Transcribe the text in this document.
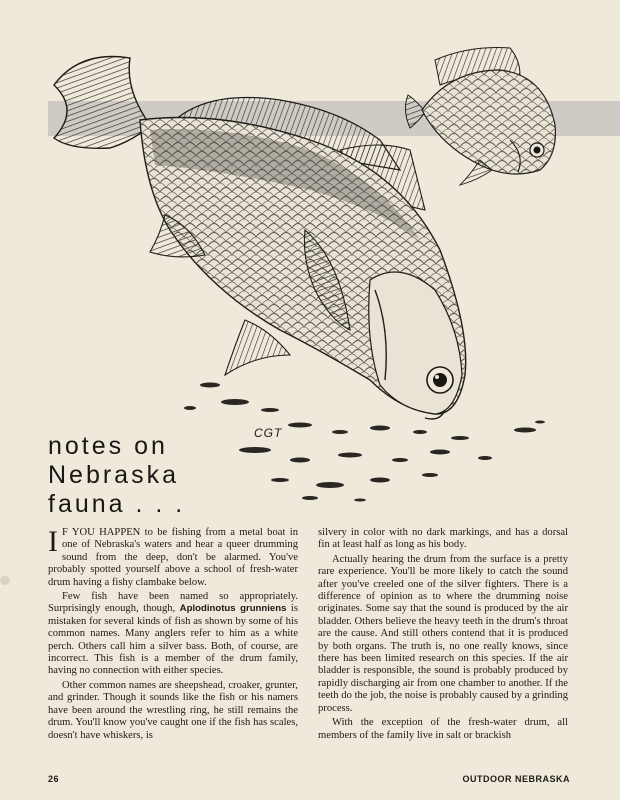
CGT
notes on
Nebraska
fauna . . .

I F YOU HAPPEN to be fishing from a metal boat in one of Nebraska's waters and hear a queer drumming sound from the deep, don't be alarmed. You've probably spotted yourself above a school of fresh-water drum having a fishy clambake below.

Few fish have been named so appropriately. Surprisingly enough, though, Aplodinotus grunniens is mistaken for several kinds of fish as shown by some of his common names. Many anglers refer to him as a white perch. Others call him a silver bass. Both, of course, are incorrect. This fish is a member of the drum family, having no connection with either species.

Other common names are sheepshead, croaker, grunter, and grinder. Though it sounds like the fish or his namers have been around the wrestling ring, he still remains the drum. You'll know you've caught one if the fish has scales, doesn't have whiskers, is

silvery in color with no dark markings, and has a dorsal fin at least half as long as his body.

Actually hearing the drum from the surface is a pretty rare experience. You'll be more likely to catch the sound after you've creeled one of the silver fighters. There is a difference of opinion as to where the drumming noise originates. Some say that the sound is produced by the air bladder. Others believe the heavy teeth in the drum's throat are the cause. And still others contend that it is produced by both organs. The truth is, no one really knows, since there has been limited research on this species. If the air bladder is responsible, the sound is probably produced by rapidly discharging air from one chamber to another. If the teeth do the job, the noise is probably caused by a grinding process.

With the exception of the fresh-water drum, all members of the family live in salt or brackish

26	OUTDOOR NEBRASKA
